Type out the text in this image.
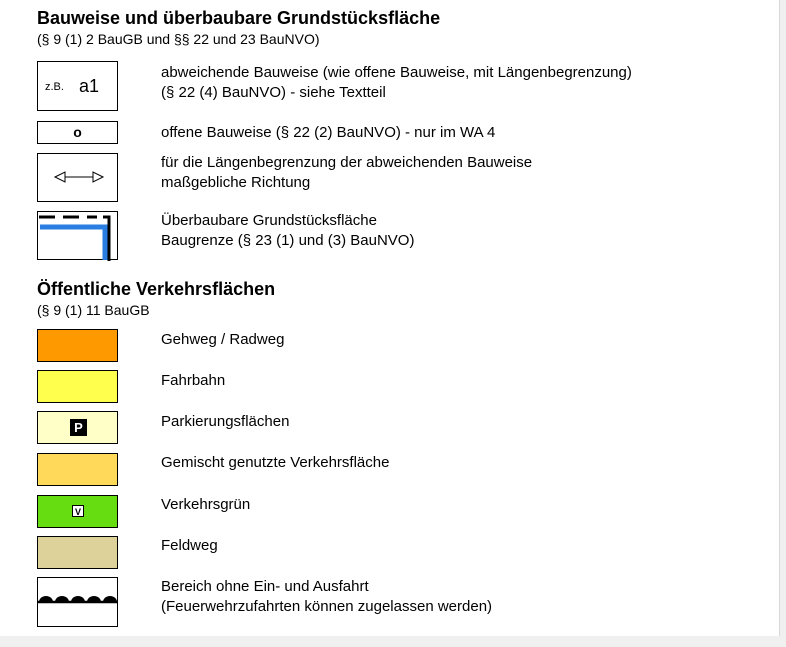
Bauweise und überbaubare Grundstücksfläche
(§ 9 (1) 2 BauGB und §§ 22 und 23 BauNVO)
z.B. a1
abweichende Bauweise (wie offene Bauweise, mit Längenbegrenzung)
(§ 22 (4) BauNVO) - siehe Textteil
o	offene Bauweise (§ 22 (2) BauNVO) - nur im WA 4
für die Längenbegrenzung der abweichenden Bauweise
maßgebliche Richtung
Überbaubare Grundstücksfläche
Baugrenze (§ 23 (1) und (3) BauNVO)
Öffentliche Verkehrsflächen
(§ 9 (1) 11 BauGB
Gehweg / Radweg
Fahrbahn
P	Parkierungsflächen
Gemischt genutzte Verkehrsfläche
V	Verkehrsgrün
Feldweg
Bereich ohne Ein- und Ausfahrt
(Feuerwehrzufahrten können zugelassen werden)
